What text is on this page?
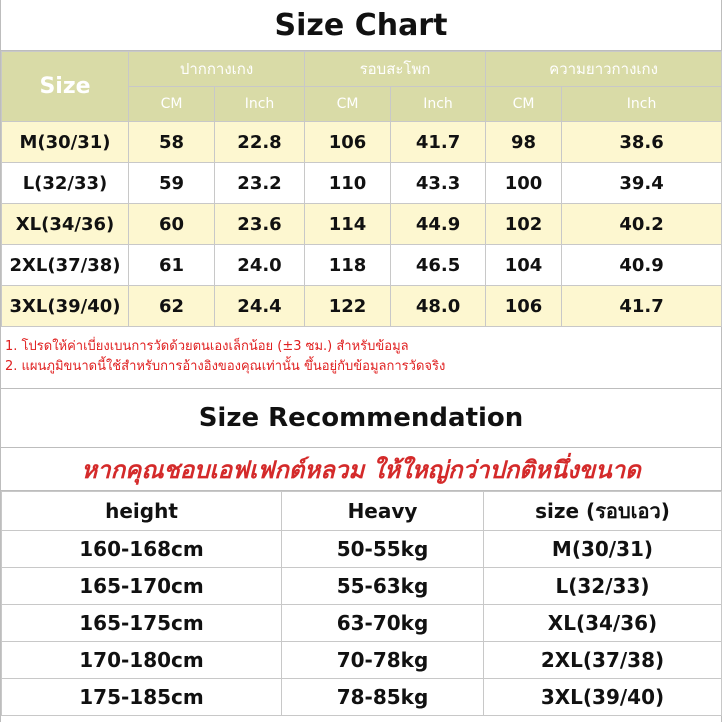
Size Chart
Size	ปากกางเกง		รอบสะโพก		ความยาวกางเกง	
	CM	Inch	CM	Inch	CM	Inch
M(30/31)	58	22.8	106	41.7	98	38.6
L(32/33)	59	23.2	110	43.3	100	39.4
XL(34/36)	60	23.6	114	44.9	102	40.2
2XL(37/38)	61	24.0	118	46.5	104	40.9
3XL(39/40)	62	24.4	122	48.0	106	41.7
1. โปรดให้ค่าเบี่ยงเบนการวัดด้วยตนเองเล็กน้อย (±3 ซม.) สำหรับข้อมูล
2. แผนภูมิขนาดนี้ใช้สำหรับการอ้างอิงของคุณเท่านั้น ขึ้นอยู่กับข้อมูลการวัดจริง
Size Recommendation
หากคุณชอบเอฟเฟกต์หลวม ให้ใหญ่กว่าปกติหนึ่งขนาด
height	Heavy	size (รอบเอว)
160-168cm	50-55kg	M(30/31)
165-170cm	55-63kg	L(32/33)
165-175cm	63-70kg	XL(34/36)
170-180cm	70-78kg	2XL(37/38)
175-185cm	78-85kg	3XL(39/40)
